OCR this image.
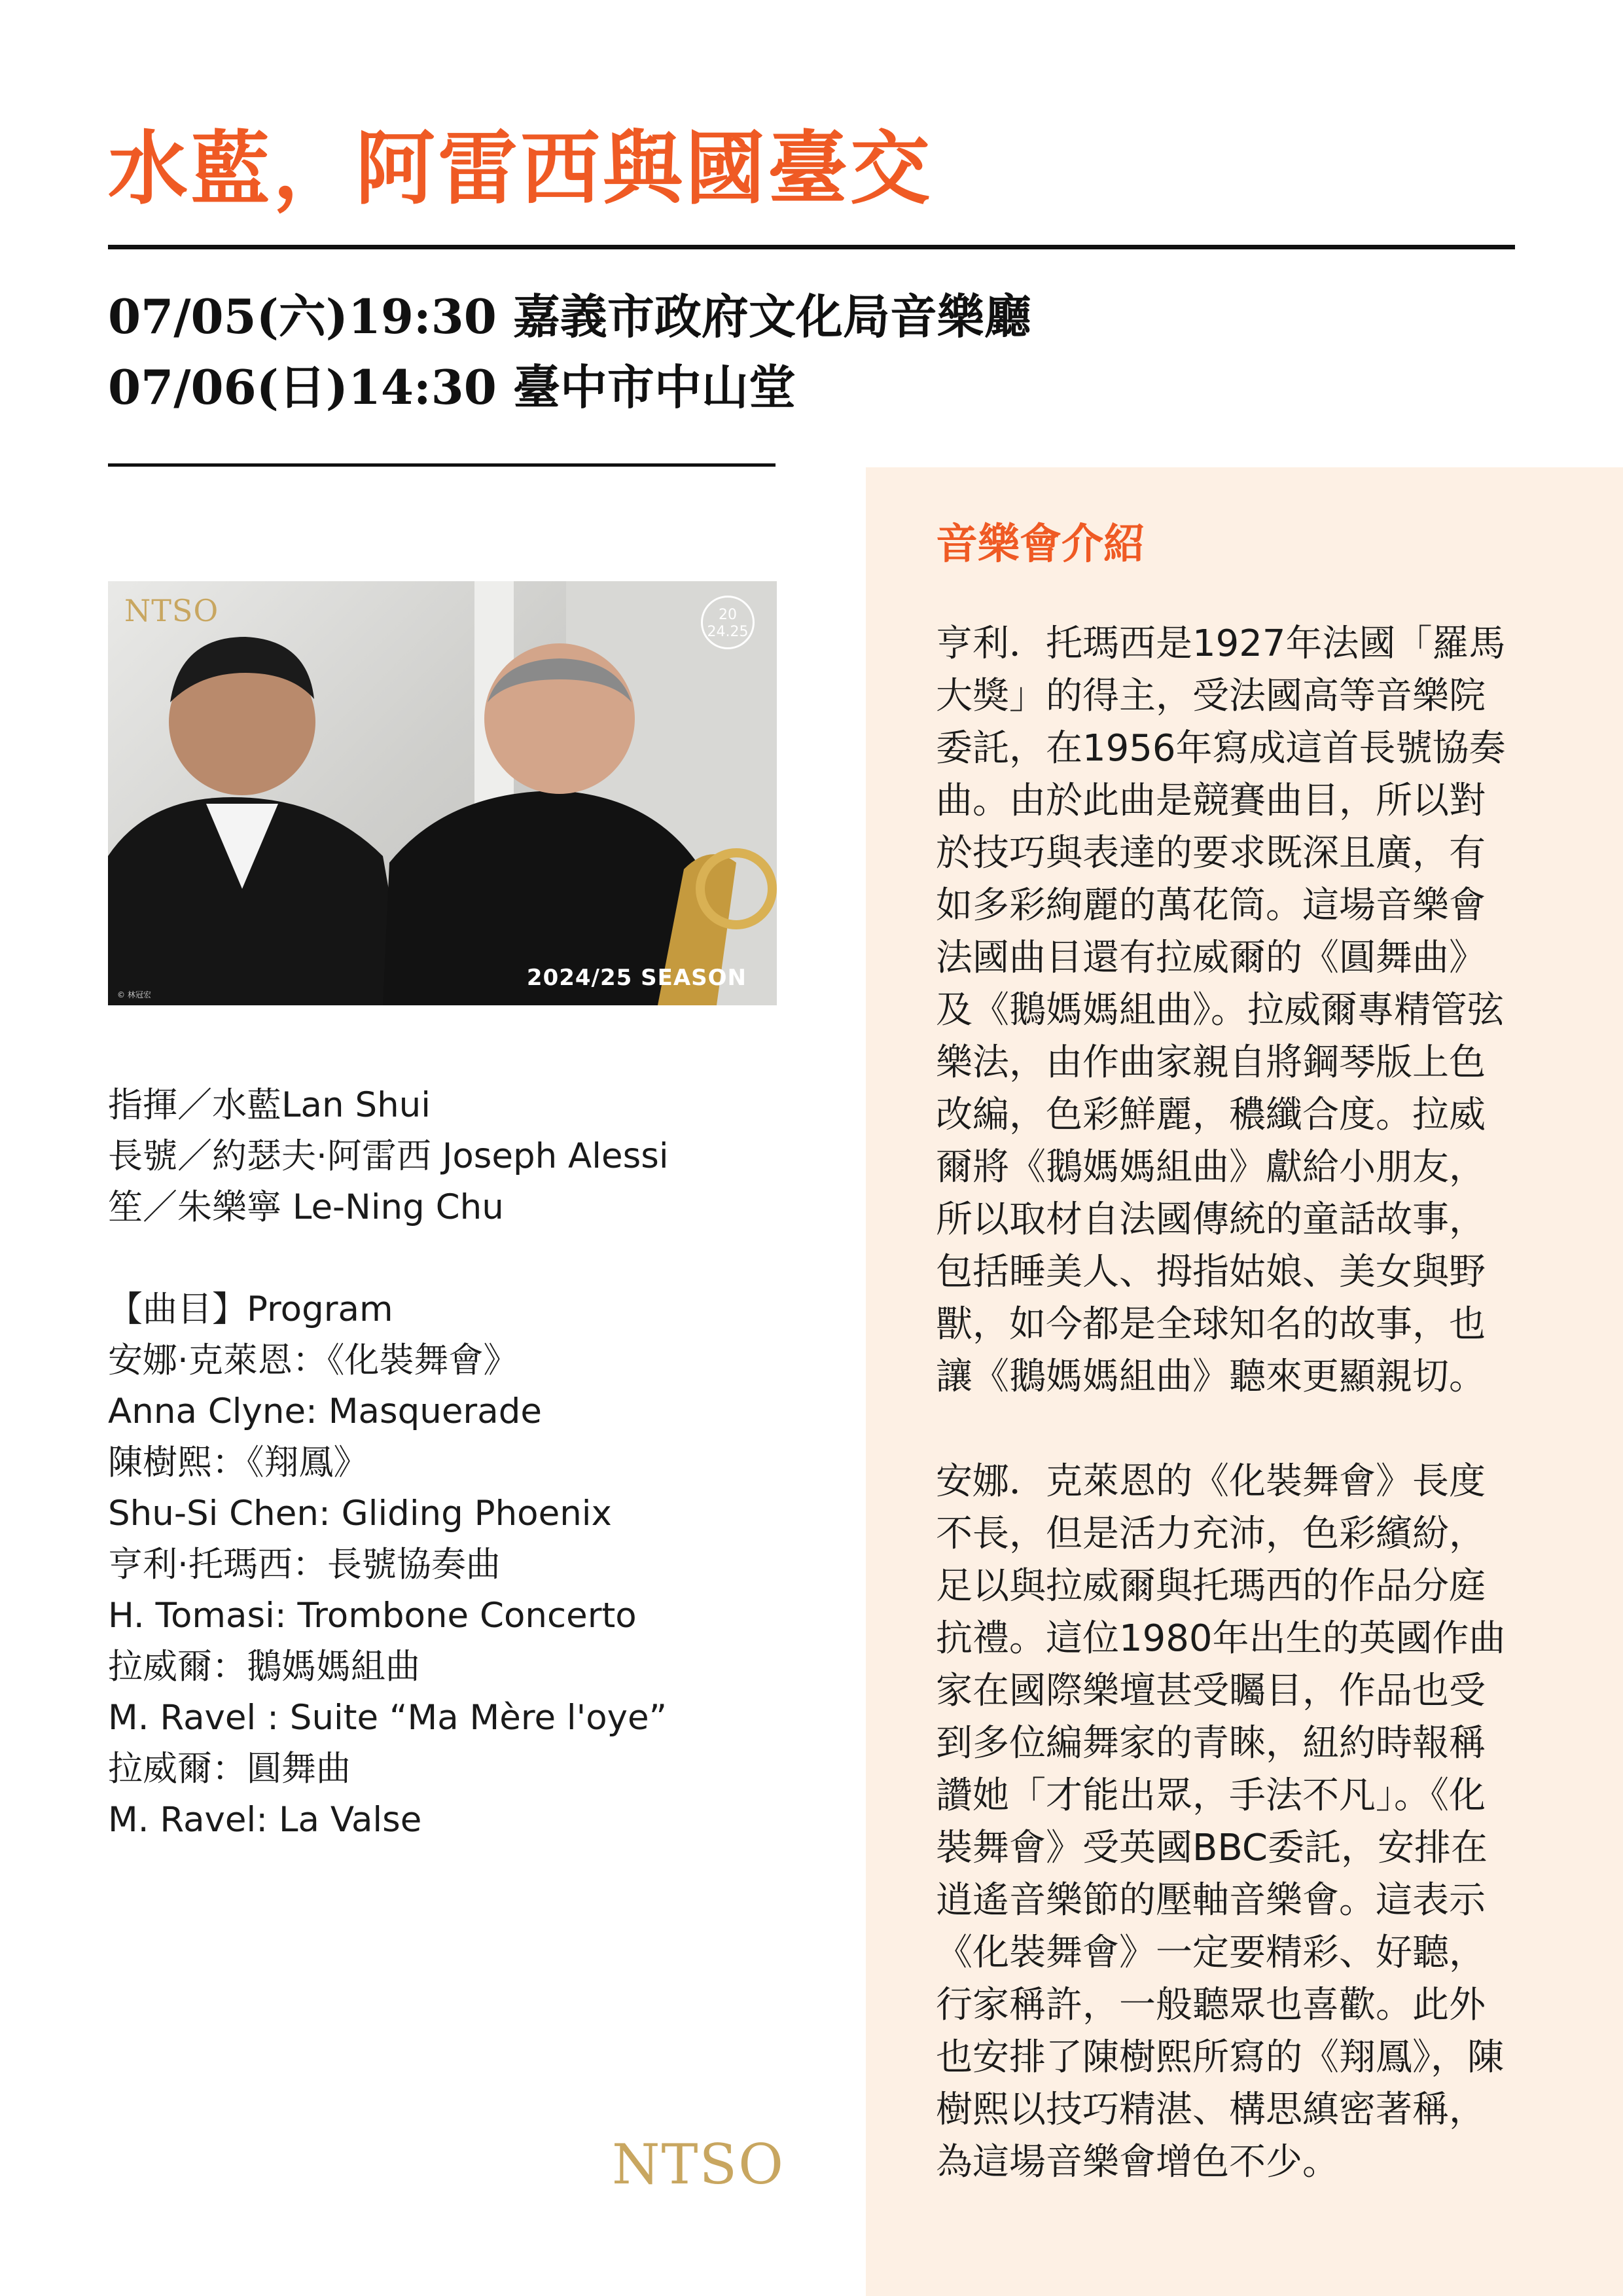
水藍，阿雷西與國臺交
07/05(六)19:30 嘉義市政府文化局音樂廳
07/06(日)14:30 臺中市中山堂
NTSO	20
24.25
2024/25 SEASON
© 林冠宏
指揮／水藍Lan Shui
長號／約瑟夫·阿雷西 Joseph Alessi
笙／朱樂寧 Le-Ning Chu
【曲目】Program
安娜·克萊恩：《化裝舞會》
Anna Clyne: Masquerade
陳樹熙：《翔鳳》
Shu-Si Chen: Gliding Phoenix
亨利·托瑪西：長號協奏曲
H. Tomasi: Trombone Concerto
拉威爾：鵝媽媽組曲
M. Ravel : Suite “Ma Mère l'oye”
拉威爾：圓舞曲
M. Ravel: La Valse
音樂會介紹
亨利．托瑪西是1927年法國「羅馬
大獎」的得主，受法國高等音樂院
委託，在1956年寫成這首長號協奏
曲。由於此曲是競賽曲目，所以對
於技巧與表達的要求既深且廣，有
如多彩絢麗的萬花筒。這場音樂會
法國曲目還有拉威爾的《圓舞曲》
及《鵝媽媽組曲》。拉威爾專精管弦
樂法，由作曲家親自將鋼琴版上色
改編，色彩鮮麗，穠纖合度。拉威
爾將《鵝媽媽組曲》獻給小朋友，
所以取材自法國傳統的童話故事，
包括睡美人、拇指姑娘、美女與野
獸，如今都是全球知名的故事，也
讓《鵝媽媽組曲》聽來更顯親切。
安娜．克萊恩的《化裝舞會》長度
不長，但是活力充沛，色彩繽紛，
足以與拉威爾與托瑪西的作品分庭
抗禮。這位1980年出生的英國作曲
家在國際樂壇甚受矚目，作品也受
到多位編舞家的青睞，紐約時報稱
讚她「才能出眾，手法不凡」。《化
裝舞會》受英國BBC委託，安排在
逍遙音樂節的壓軸音樂會。這表示
《化裝舞會》一定要精彩、好聽，
行家稱許，一般聽眾也喜歡。此外
也安排了陳樹熙所寫的《翔鳳》，陳
樹熙以技巧精湛、構思縝密著稱，
為這場音樂會增色不少。
NTSO
